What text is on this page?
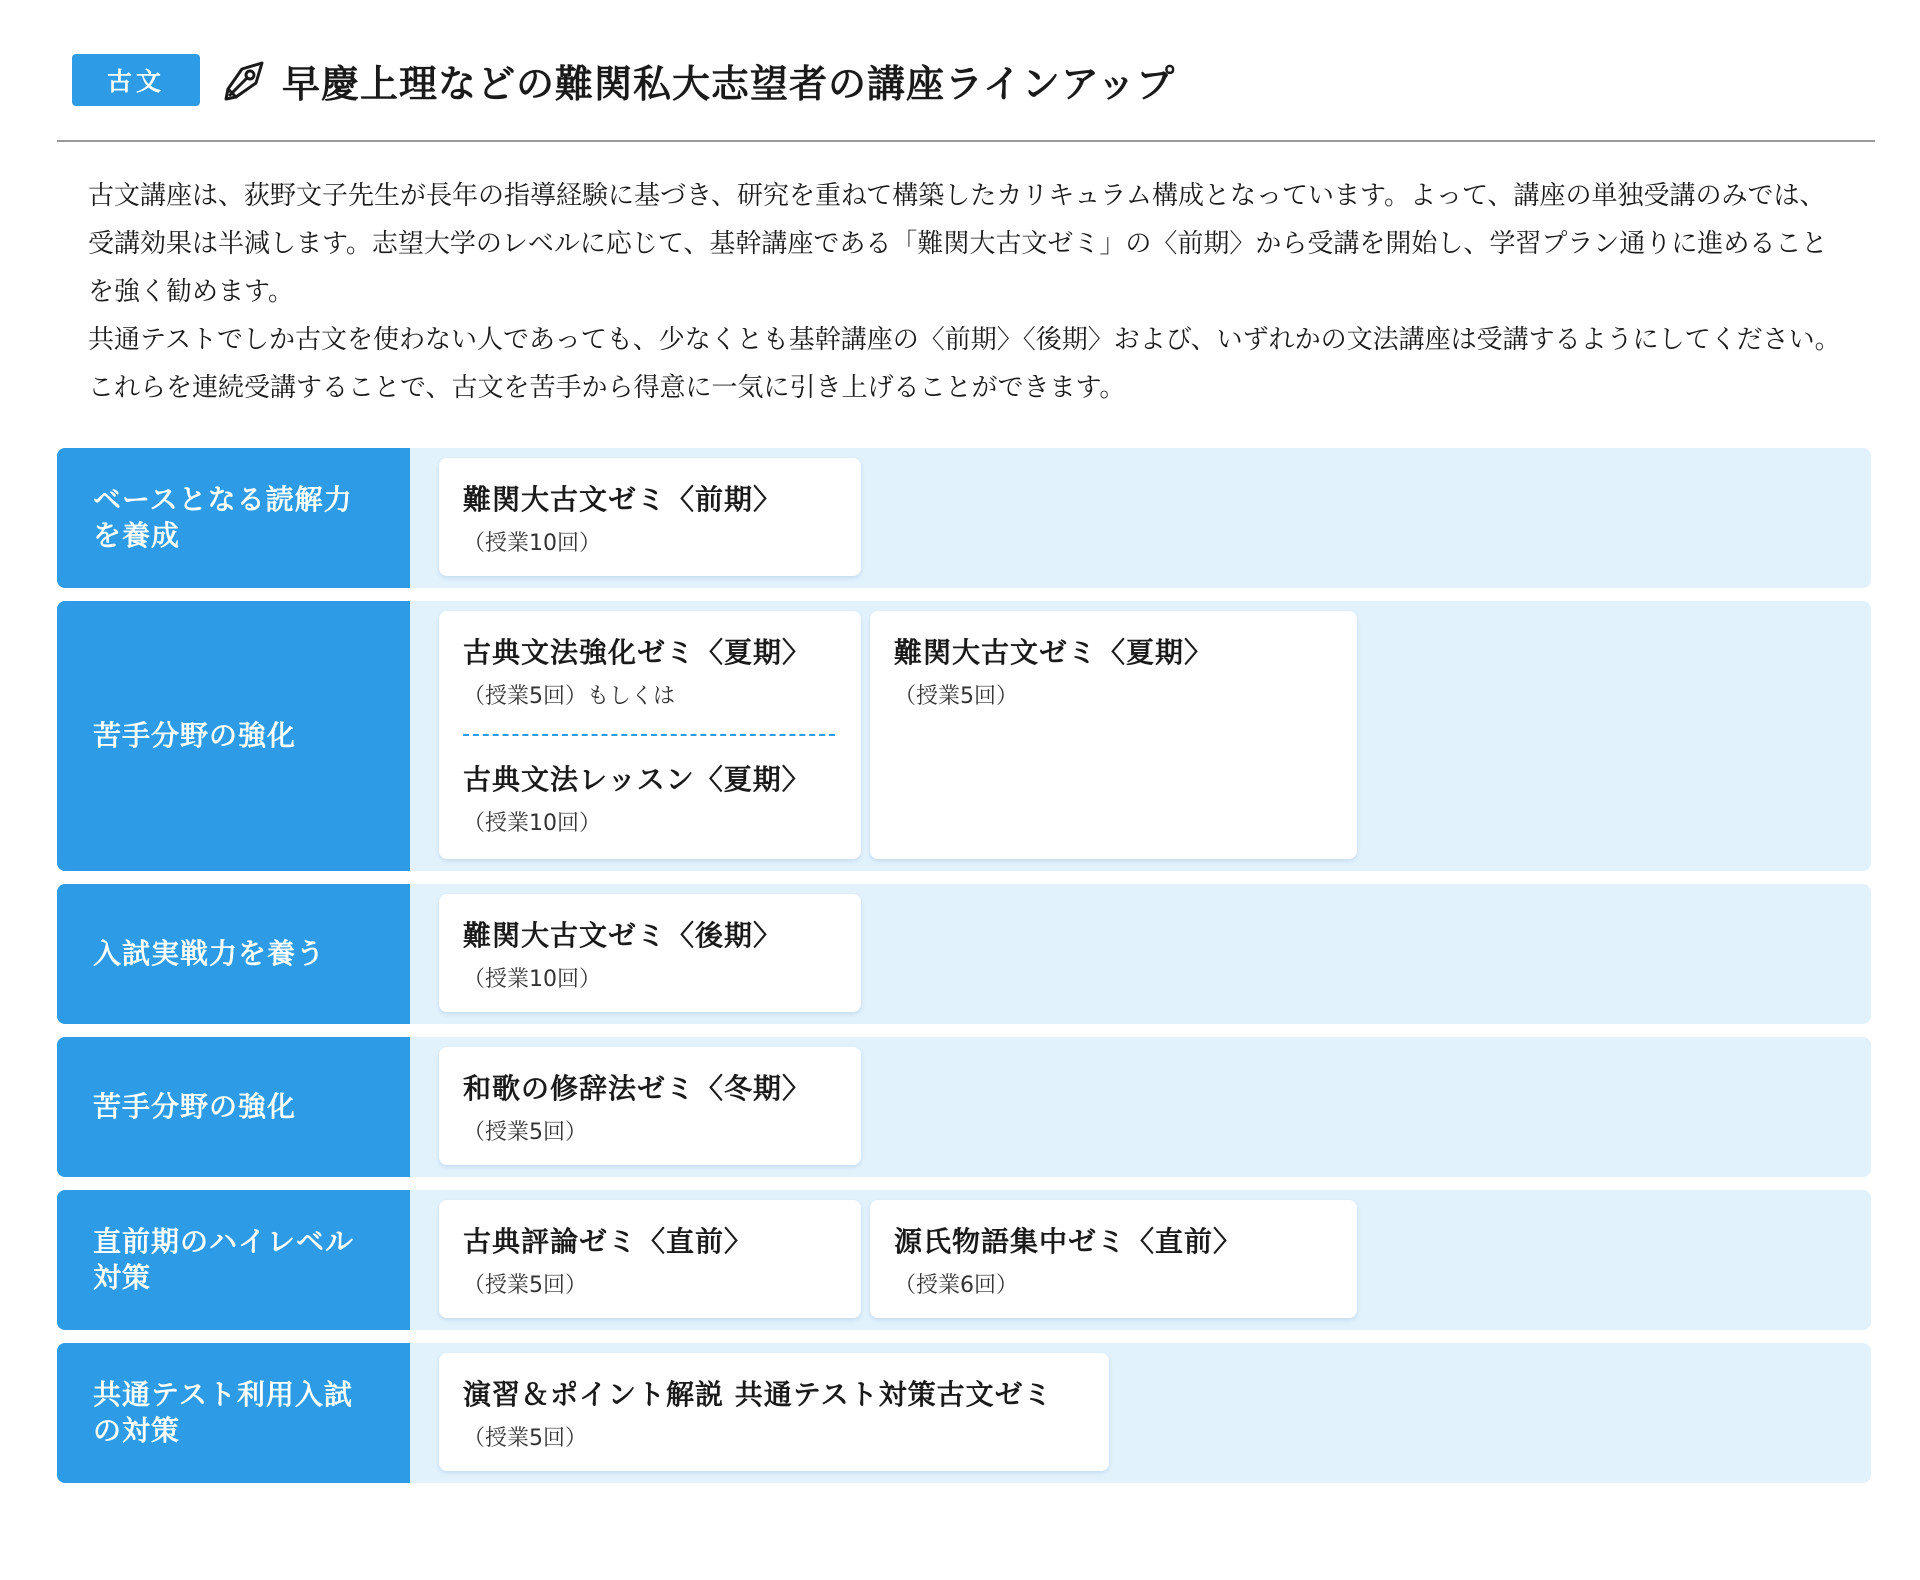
古文	早慶上理などの難関私大志望者の講座ラインアップ

古文講座は、荻野文子先生が長年の指導経験に基づき、研究を重ねて構築したカリキュラム構成となっています。よって、講座の単独受講のみでは、受講効果は半減します。志望大学のレベルに応じて、基幹講座である「難関大古文ゼミ」の〈前期〉から受講を開始し、学習プラン通りに進めることを強く勧めます。

共通テストでしか古文を使わない人であっても、少なくとも基幹講座の〈前期〉〈後期〉および、いずれかの文法講座は受講するようにしてください。これらを連続受講することで、古文を苦手から得意に一気に引き上げることができます。

ベースとなる読解力
を養成
難関大古文ゼミ〈前期〉
（授業10回）
苦手分野の強化
古典文法強化ゼミ〈夏期〉
（授業5回）もしくは
古典文法レッスン〈夏期〉
（授業10回）
難関大古文ゼミ〈夏期〉
（授業5回）
入試実戦力を養う
難関大古文ゼミ〈後期〉
（授業10回）
苦手分野の強化
和歌の修辞法ゼミ〈冬期〉
（授業5回）
直前期のハイレベル
対策
古典評論ゼミ〈直前〉
（授業5回）
源氏物語集中ゼミ〈直前〉
（授業6回）
共通テスト利用入試
の対策
演習＆ポイント解説 共通テスト対策古文ゼミ
（授業5回）
